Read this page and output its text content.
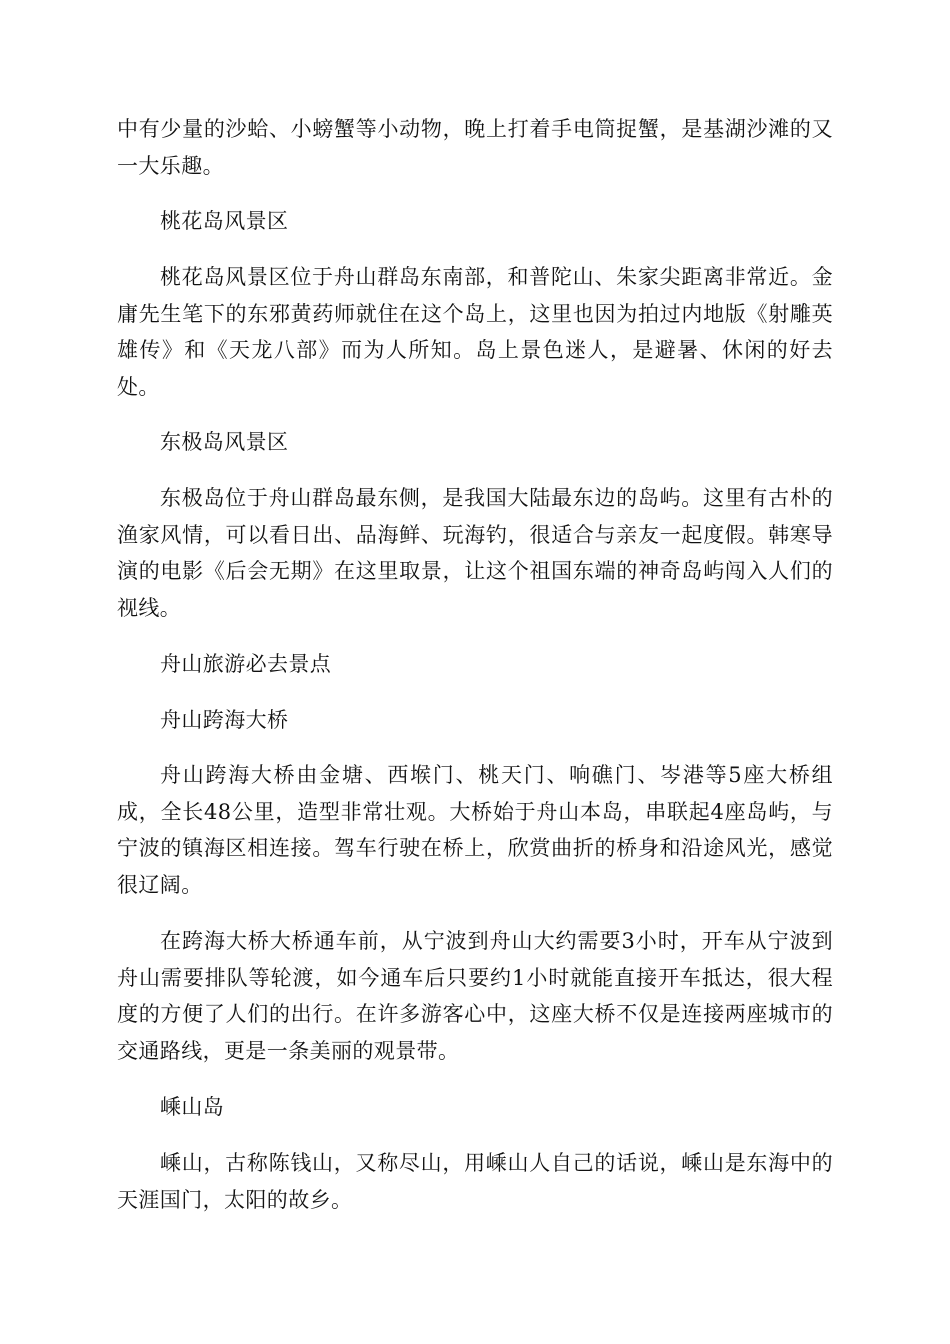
中有少量的沙蛤、小螃蟹等小动物，晚上打着手电筒捉蟹，是基湖沙滩的又一大乐趣。

桃花岛风景区

桃花岛风景区位于舟山群岛东南部，和普陀山、朱家尖距离非常近。金庸先生笔下的东邪黄药师就住在这个岛上，这里也因为拍过内地版《射雕英雄传》和《天龙八部》而为人所知。岛上景色迷人，是避暑、休闲的好去处。

东极岛风景区

东极岛位于舟山群岛最东侧，是我国大陆最东边的岛屿。这里有古朴的渔家风情，可以看日出、品海鲜、玩海钓，很适合与亲友一起度假。韩寒导演的电影《后会无期》在这里取景，让这个祖国东端的神奇岛屿闯入人们的视线。

舟山旅游必去景点

舟山跨海大桥

舟山跨海大桥由金塘、西堠门、桃天门、响礁门、岑港等5座大桥组成，全长48公里，造型非常壮观。大桥始于舟山本岛，串联起4座岛屿，与宁波的镇海区相连接。驾车行驶在桥上，欣赏曲折的桥身和沿途风光，感觉很辽阔。

在跨海大桥大桥通车前，从宁波到舟山大约需要3小时，开车从宁波到舟山需要排队等轮渡，如今通车后只要约1小时就能直接开车抵达，很大程度的方便了人们的出行。在许多游客心中，这座大桥不仅是连接两座城市的交通路线，更是一条美丽的观景带。

嵊山岛

嵊山，古称陈钱山，又称尽山，用嵊山人自己的话说，嵊山是东海中的天涯国门，太阳的故乡。
